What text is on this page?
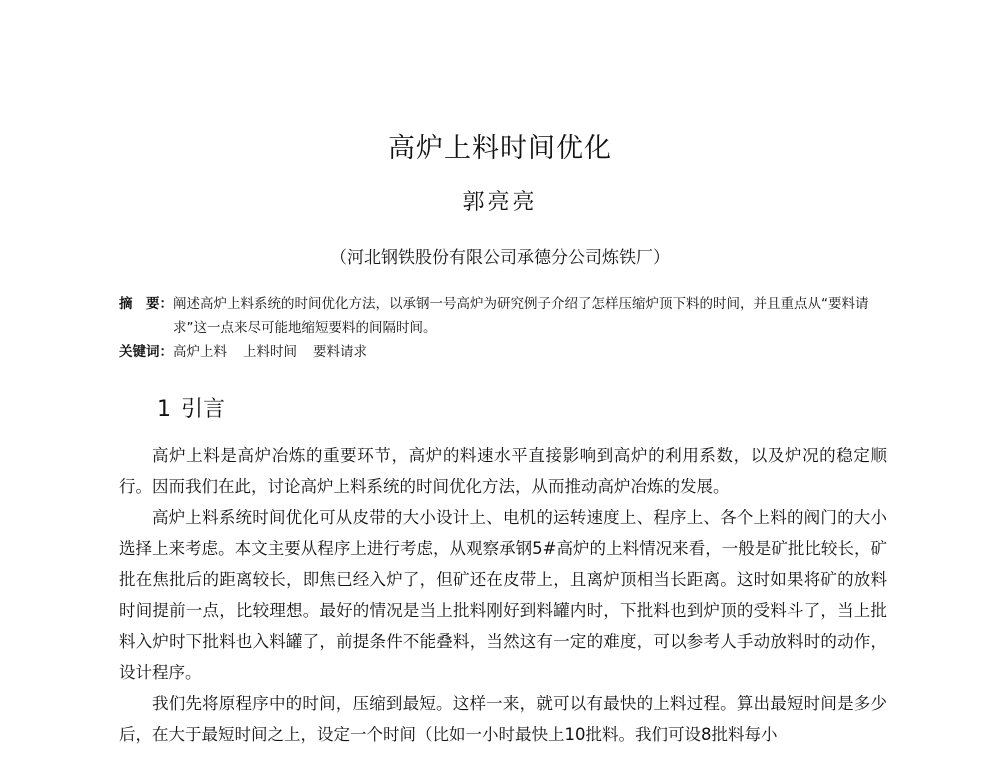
高炉上料时间优化
郭亮亮
（河北钢铁股份有限公司承德分公司炼铁厂）
摘　要： 阐述高炉上料系统的时间优化方法，以承钢一号高炉为研究例子介绍了怎样压缩炉顶下料的时间，并且重点从“要料请求”这一点来尽可能地缩短要料的间隔时间。
关键词： 高炉上料 上料时间 要料请求
1 引言

高炉上料是高炉冶炼的重要环节，高炉的料速水平直接影响到高炉的利用系数，以及炉况的稳定顺行。因而我们在此，讨论高炉上料系统的时间优化方法，从而推动高炉冶炼的发展。

高炉上料系统时间优化可从皮带的大小设计上、电机的运转速度上、程序上、各个上料的阀门的大小选择上来考虑。本文主要从程序上进行考虑，从观察承钢5#高炉的上料情况来看，一般是矿批比较长，矿批在焦批后的距离较长，即焦已经入炉了，但矿还在皮带上，且离炉顶相当长距离。这时如果将矿的放料时间提前一点，比较理想。最好的情况是当上批料刚好到料罐内时，下批料也到炉顶的受料斗了，当上批料入炉时下批料也入料罐了，前提条件不能叠料，当然这有一定的难度，可以参考人手动放料时的动作，设计程序。

我们先将原程序中的时间，压缩到最短。这样一来，就可以有最快的上料过程。算出最短时间是多少后，在大于最短时间之上，设定一个时间（比如一小时最快上10批料。我们可设8批料每小
